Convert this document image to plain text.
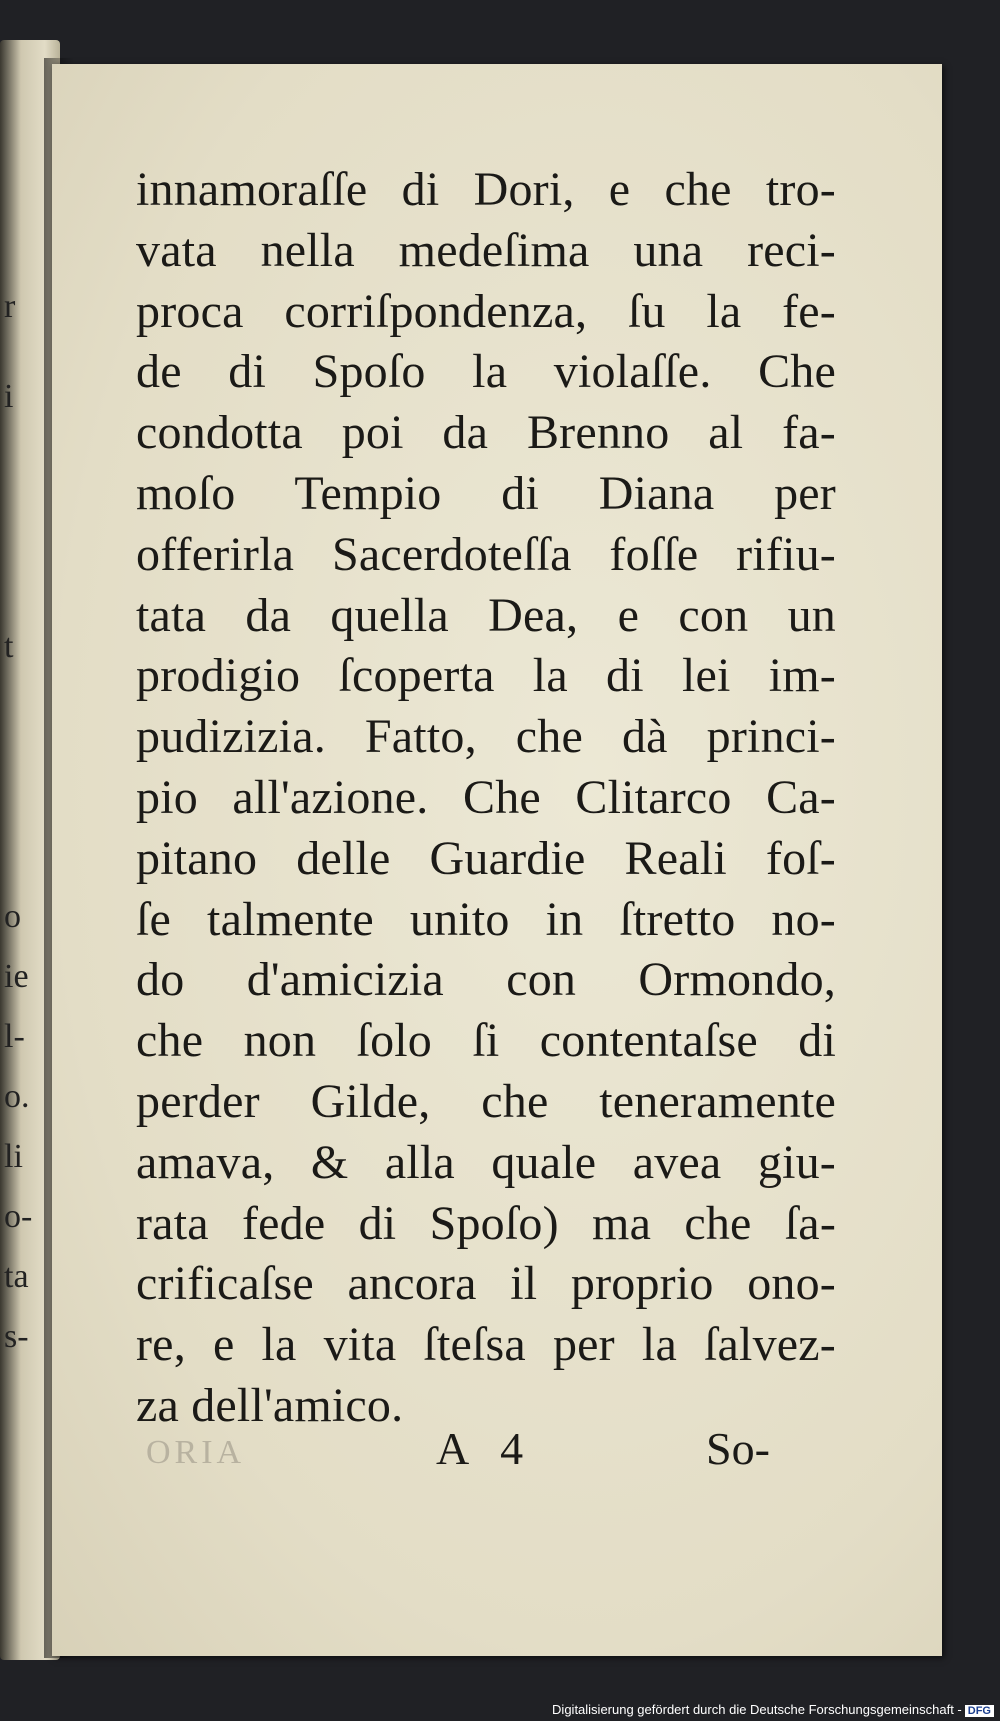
r
i
t
o
ie
l-
o.
li
o-
ta
s-
innamoraſſe di Dori, e che tro-
vata nella medeſima una reci-
proca corriſpondenza, ſu la fe-
de di Spoſo la violaſſe. Che
condotta poi da Brenno al fa-
moſo Tempio di Diana per
offerirla Sacerdoteſſa foſſe rifiu-
tata da quella Dea, e con un
prodigio ſcoperta la di lei im-
pudizizia. Fatto, che dà princi-
pio all'azione. Che Clitarco Ca-
pitano delle Guardie Reali foſ-
ſe talmente unito in ſtretto no-
do d'amicizia con Ormondo,
che non ſolo ſi contentaſse di
perder Gilde, che teneramente
amava, & alla quale avea giu-
rata fede di Spoſo) ma che ſa-
crificaſse ancora il proprio ono-
re, e la vita ſteſsa per la ſalvez-
za dell'amico.
ORIA	A 4	So-
Digitalisierung gefördert durch die Deutsche Forschungsgemeinschaft - DFG
